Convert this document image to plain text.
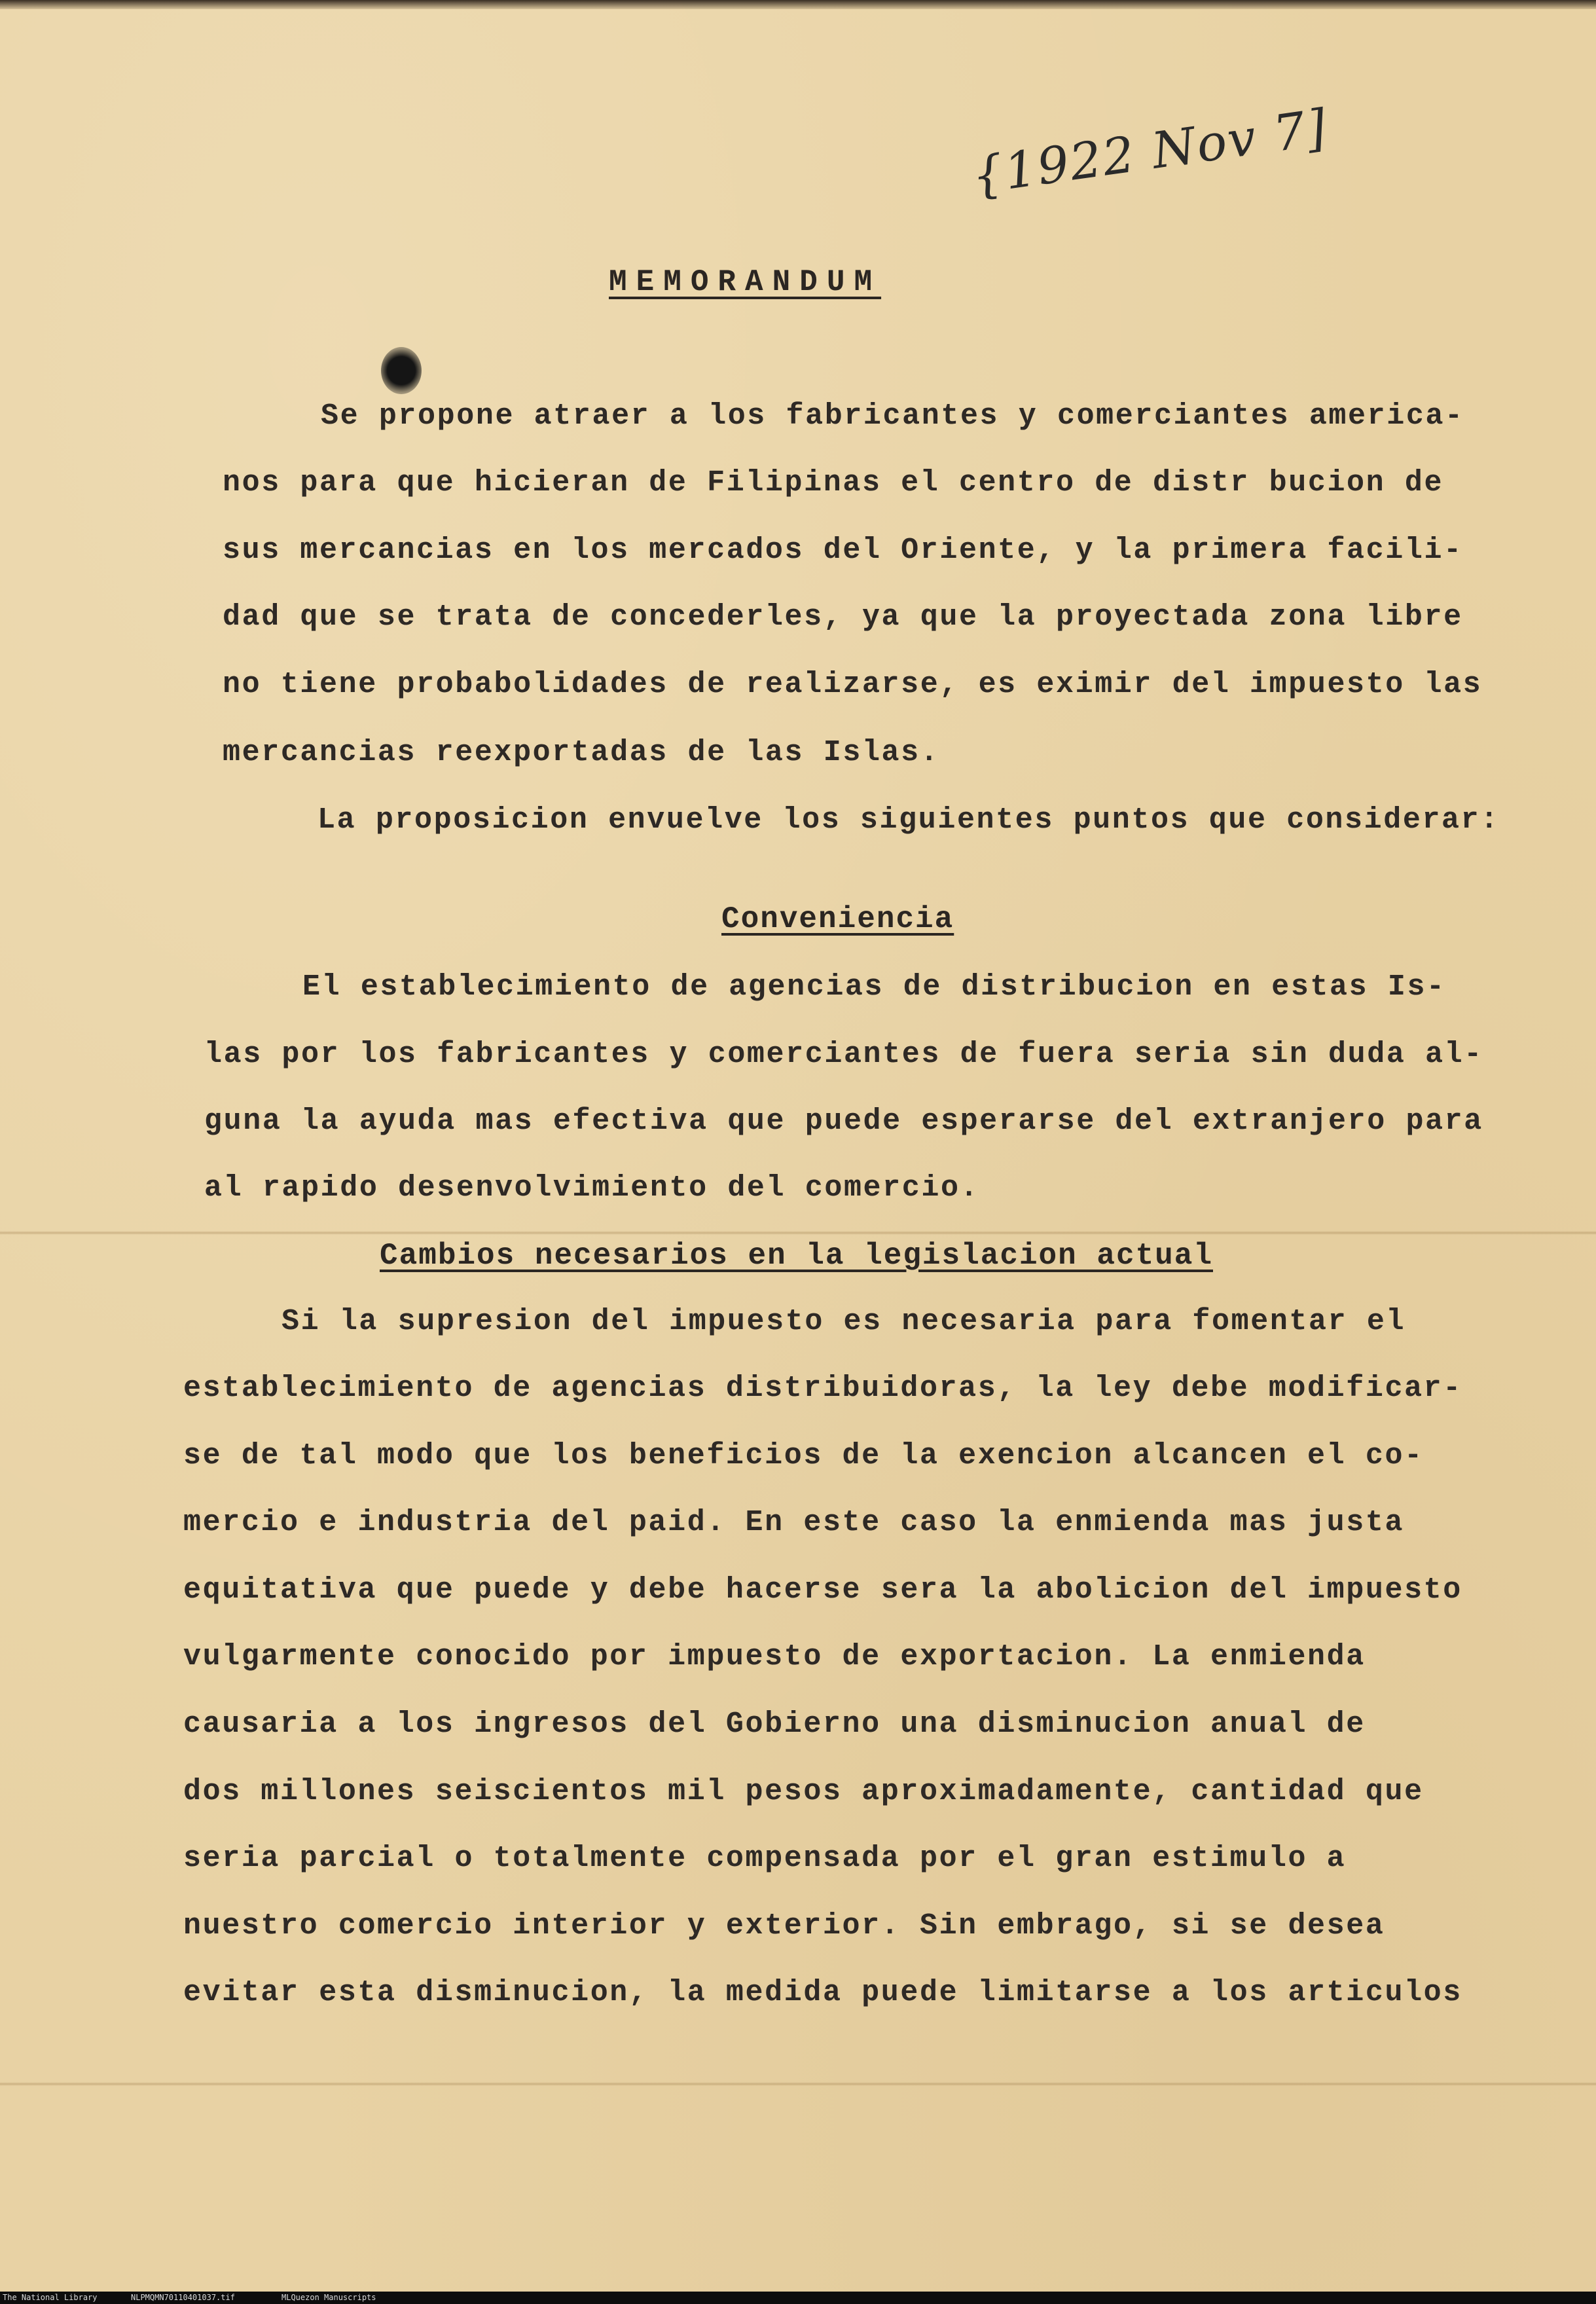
{1922 Nov 7]

MEMORANDUM

Se propone atraer a los fabricantes y comerciantes america-

nos para que hicieran de Filipinas el centro de distr bucion de

sus mercancias en los mercados del Oriente, y la primera facili-

dad que se trata de concederles, ya que la proyectada zona libre

no tiene probabolidades de realizarse, es eximir del impuesto las

mercancias reexportadas de las Islas.

La proposicion envuelve los siguientes puntos que considerar:

Conveniencia

El establecimiento de agencias de distribucion en estas Is-

las por los fabricantes y comerciantes de fuera seria sin duda al-

guna la ayuda mas efectiva que puede esperarse del extranjero para

al rapido desenvolvimiento del comercio.

Cambios necesarios en la legislacion actual

Si la supresion del impuesto es necesaria para fomentar el

establecimiento de agencias distribuidoras, la ley debe modificar-

se de tal modo que los beneficios de la exencion alcancen el co-

mercio e industria del paid. En este caso la enmienda mas justa

equitativa que puede y debe hacerse sera la abolicion del impuesto

vulgarmente conocido por impuesto de exportacion. La enmienda

causaria a los ingresos del Gobierno una disminucion anual de

dos millones seiscientos mil pesos aproximadamente, cantidad que

seria parcial o totalmente compensada por el gran estimulo a

nuestro comercio interior y exterior. Sin embrago, si se desea

evitar esta disminucion, la medida puede limitarse a los articulos

The National Library	NLPMQMN70110401037.tif	MLQuezon Manuscripts
